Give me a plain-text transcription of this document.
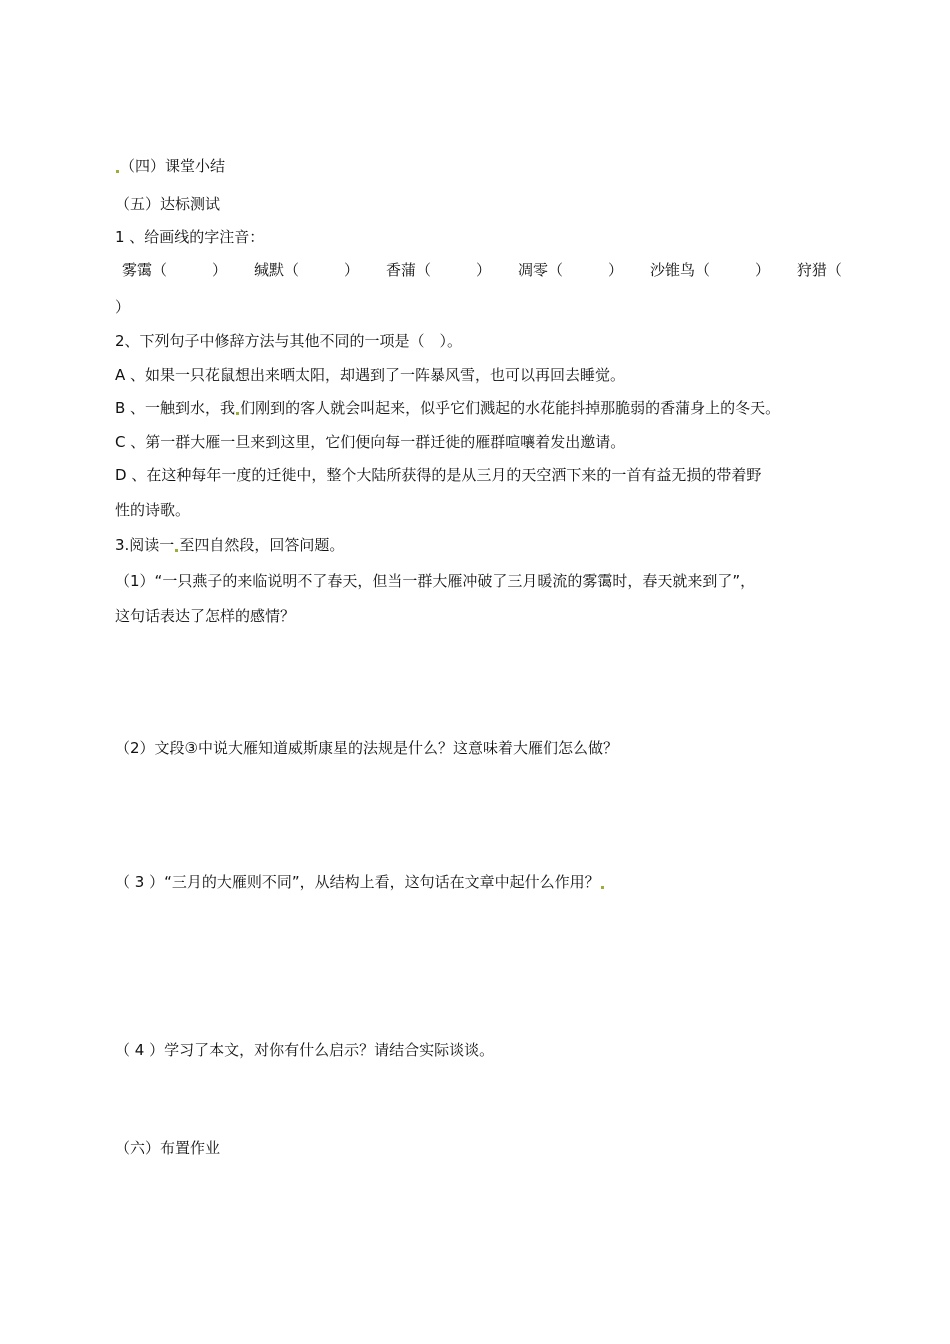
（四）课堂小结
（五）达标测试
1 、给画线的字注音：
雾霭（　　　） 缄默（　　　） 香蒲（　　　） 凋零（　　　） 沙锥鸟（　　　） 狩猎（
）
2、下列句子中修辞方法与其他不同的一项是（　）。
A 、如果一只花鼠想出来晒太阳，却遇到了一阵暴风雪，也可以再回去睡觉。
B 、一触到水，我 们刚到的客人就会叫起来，似乎它们溅起的水花能抖掉那脆弱的香蒲身上的冬天。
C 、第一群大雁一旦来到这里，它们便向每一群迁徙的雁群喧嚷着发出邀请。
D 、在这种每年一度的迁徙中，整个大陆所获得的是从三月的天空洒下来的一首有益无损的带着野
性的诗歌。
3.阅读一 至四自然段，回答问题。
（1）“一只燕子的来临说明不了春天，但当一群大雁冲破了三月暖流的雾霭时，春天就来到了”，
这句话表达了怎样的感情？
（2）文段③中说大雁知道威斯康星的法规是什么？这意味着大雁们怎么做？
（ 3 ）“三月的大雁则不同”，从结构上看，这句话在文章中起什么作用？
（ 4 ）学习了本文，对你有什么启示？请结合实际谈谈。
（六）布置作业
